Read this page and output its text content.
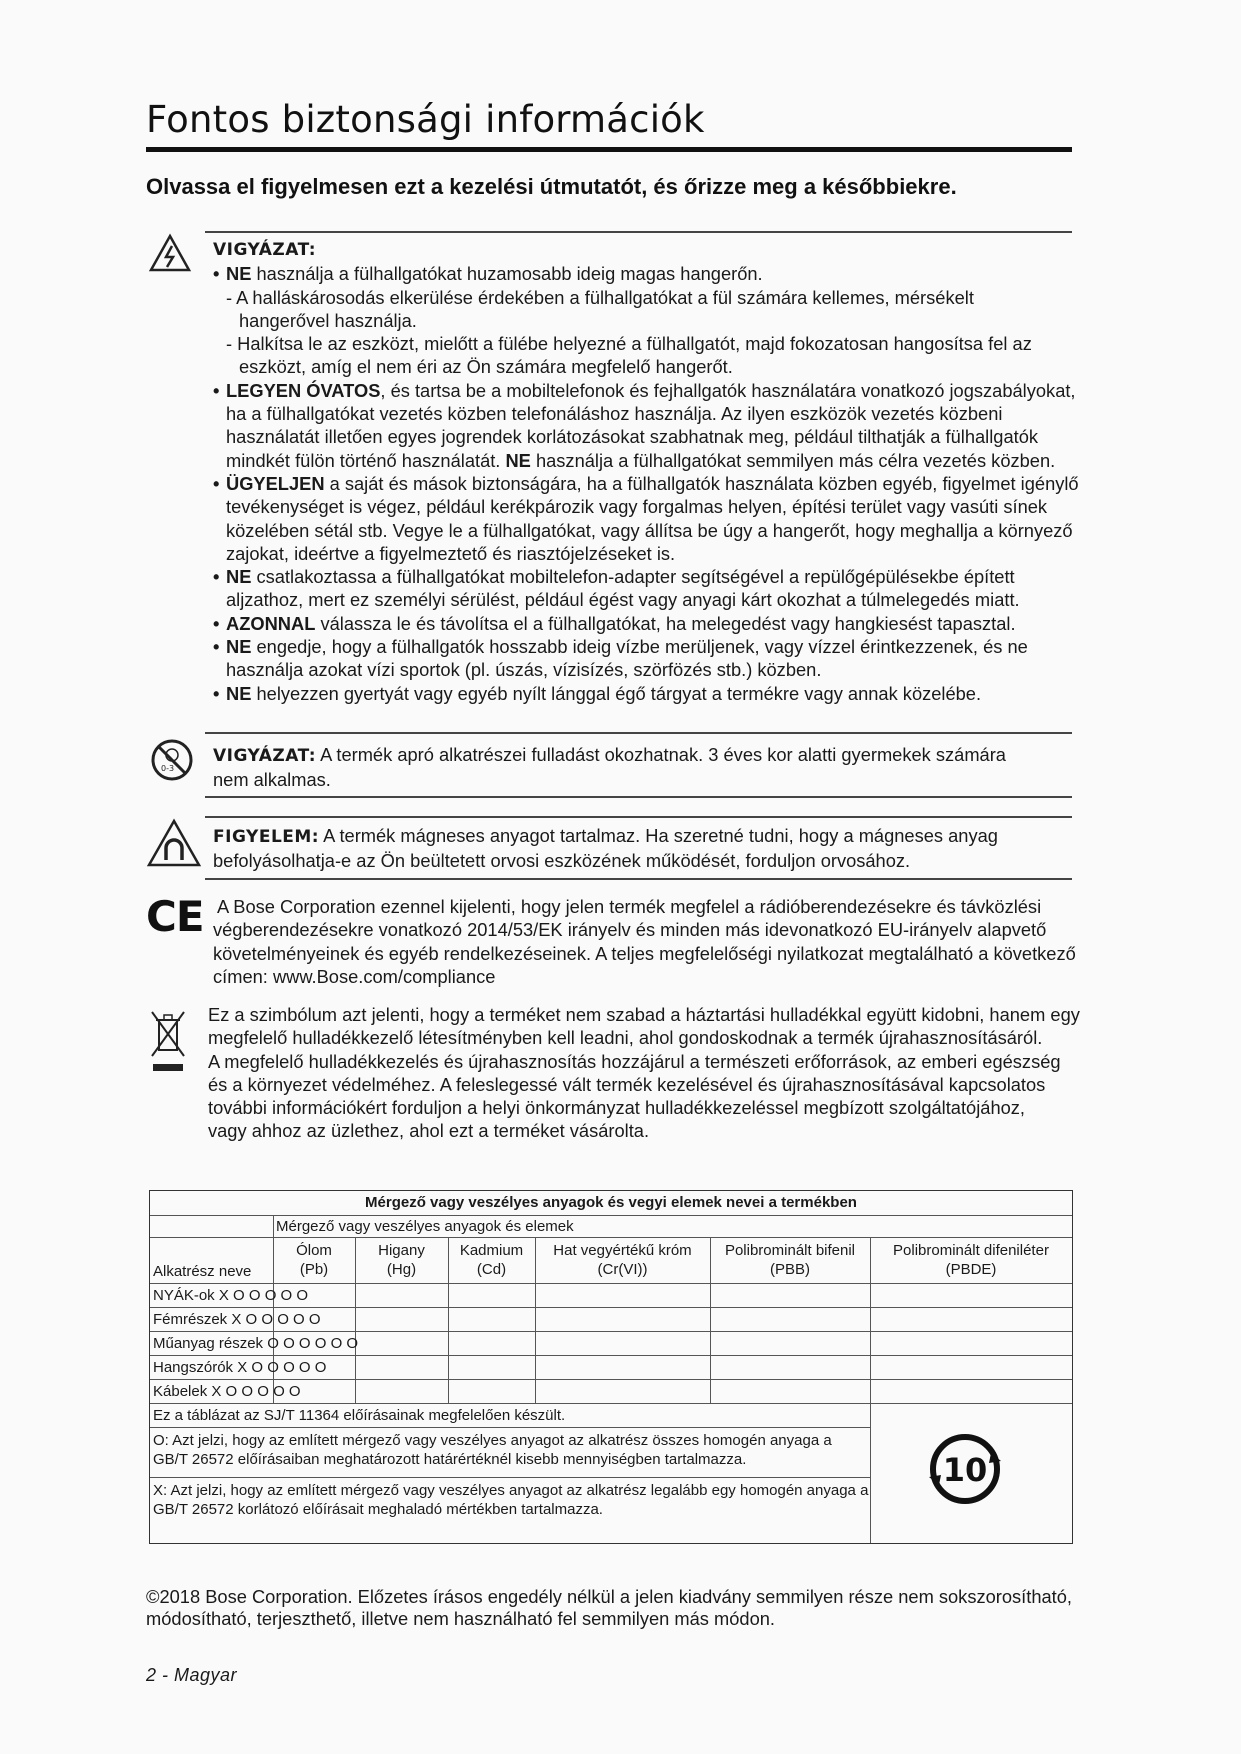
Fontos biztonsági információk
Olvassa el figyelmesen ezt a kezelési útmutatót, és őrizze meg a későbbiekre.
VIGYÁZAT:
• NE használja a fülhallgatókat huzamosabb ideig magas hangerőn.
- A halláskárosodás elkerülése érdekében a fülhallgatókat a fül számára kellemes, mérsékelt
hangerővel használja.
- Halkítsa le az eszközt, mielőtt a fülébe helyezné a fülhallgatót, majd fokozatosan hangosítsa fel az
eszközt, amíg el nem éri az Ön számára megfelelő hangerőt.
• LEGYEN ÓVATOS, és tartsa be a mobiltelefonok és fejhallgatók használatára vonatkozó jogszabályokat,
ha a fülhallgatókat vezetés közben telefonáláshoz használja. Az ilyen eszközök vezetés közbeni
használatát illetően egyes jogrendek korlátozásokat szabhatnak meg, például tilthatják a fülhallgatók
mindkét fülön történő használatát. NE használja a fülhallgatókat semmilyen más célra vezetés közben.
• ÜGYELJEN a saját és mások biztonságára, ha a fülhallgatók használata közben egyéb, figyelmet igénylő
tevékenységet is végez, például kerékpározik vagy forgalmas helyen, építési terület vagy vasúti sínek
közelében sétál stb. Vegye le a fülhallgatókat, vagy állítsa be úgy a hangerőt, hogy meghallja a környező
zajokat, ideértve a figyelmeztető és riasztójelzéseket is.
• NE csatlakoztassa a fülhallgatókat mobiltelefon-adapter segítségével a repülőgépülésekbe épített
aljzathoz, mert ez személyi sérülést, például égést vagy anyagi kárt okozhat a túlmelegedés miatt.
• AZONNAL válassza le és távolítsa el a fülhallgatókat, ha melegedést vagy hangkiesést tapasztal.
• NE engedje, hogy a fülhallgatók hosszabb ideig vízbe merüljenek, vagy vízzel érintkezzenek, és ne
használja azokat vízi sportok (pl. úszás, vízisízés, szörfözés stb.) közben.
• NE helyezzen gyertyát vagy egyéb nyílt lánggal égő tárgyat a termékre vagy annak közelébe.
0-3
VIGYÁZAT: A termék apró alkatrészei fulladást okozhatnak. 3 éves kor alatti gyermekek számára
nem alkalmas.
FIGYELEM: A termék mágneses anyagot tartalmaz. Ha szeretné tudni, hogy a mágneses anyag
befolyásolhatja-e az Ön beültetett orvosi eszközének működését, forduljon orvosához.
CE A Bose Corporation ezennel kijelenti, hogy jelen termék megfelel a rádióberendezésekre és távközlési
végberendezésekre vonatkozó 2014/53/EK irányelv és minden más idevonatkozó EU-irányelv alapvető
követelményeinek és egyéb rendelkezéseinek. A teljes megfelelőségi nyilatkozat megtalálható a következő
címen: www.Bose.com/compliance
Ez a szimbólum azt jelenti, hogy a terméket nem szabad a háztartási hulladékkal együtt kidobni, hanem egy
megfelelő hulladékkezelő létesítményben kell leadni, ahol gondoskodnak a termék újrahasznosításáról.
A megfelelő hulladékkezelés és újrahasznosítás hozzájárul a természeti erőforrások, az emberi egészség
és a környezet védelméhez. A feleslegessé vált termék kezelésével és újrahasznosításával kapcsolatos
további információkért forduljon a helyi önkormányzat hulladékkezeléssel megbízott szolgáltatójához,
vagy ahhoz az üzlethez, ahol ezt a terméket vásárolta.
Mérgező vagy veszélyes anyagok és vegyi elemek nevei a termékben
Mérgező vagy veszélyes anyagok és elemek
Alkatrész neve
Ólom
(Pb)
Higany
(Hg)
Kadmium
(Cd)
Hat vegyértékű króm
(Cr(VI))
Polibrominált bifenil
(PBB)
Polibrominált difeniléter
(PBDE)
NYÁK-ok X O O O O O
Fémrészek X O O O O O
Műanyag részek O O O O O O
Hangszórók X O O O O O
Kábelek X O O O O O
Ez a táblázat az SJ/T 11364 előírásainak megfelelően készült.
O: Azt jelzi, hogy az említett mérgező vagy veszélyes anyagot az alkatrész összes homogén anyaga a
GB/T 26572 előírásaiban meghatározott határértéknél kisebb mennyiségben tartalmazza.
X: Azt jelzi, hogy az említett mérgező vagy veszélyes anyagot az alkatrész legalább egy homogén anyaga a
GB/T 26572 korlátozó előírásait meghaladó mértékben tartalmazza.
10
©2018 Bose Corporation. Előzetes írásos engedély nélkül a jelen kiadvány semmilyen része nem sokszorosítható,
módosítható, terjeszthető, illetve nem használható fel semmilyen más módon.
2 - Magyar
